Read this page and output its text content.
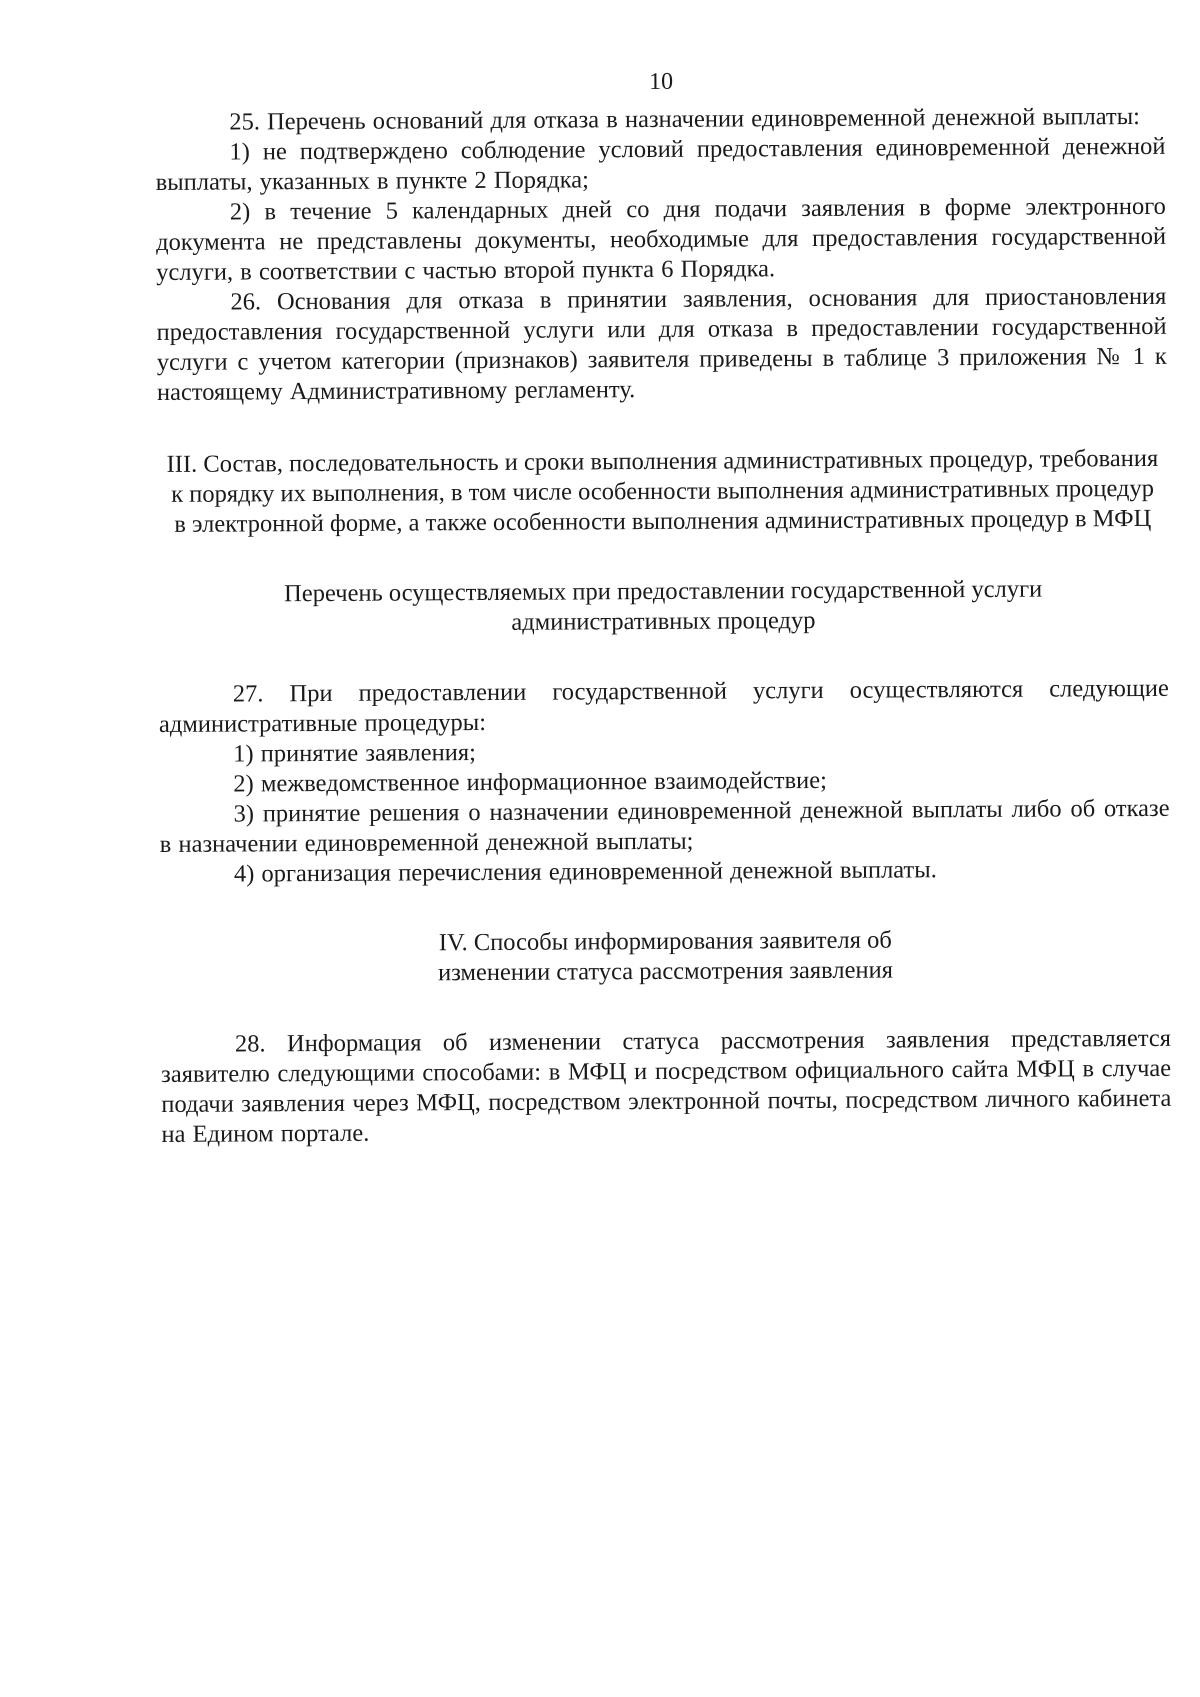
10

25. Перечень оснований для отказа в назначении единовременной денежной выплаты:

1) не подтверждено соблюдение условий предоставления единовременной денежной выплаты, указанных в пункте 2 Порядка;

2) в течение 5 календарных дней со дня подачи заявления в форме электронного документа не представлены документы, необходимые для предоставления государственной услуги, в соответствии с частью второй пункта 6 Порядка.

26. Основания для отказа в принятии заявления, основания для приостановления предоставления государственной услуги или для отказа в предоставлении государственной услуги с учетом категории (признаков) заявителя приведены в таблице 3 приложения № 1 к настоящему Административному регламенту.

III. Состав, последовательность и сроки выполнения административных процедур, требования к порядку их выполнения, в том числе особенности выполнения административных процедур в электронной форме, а также особенности выполнения административных процедур в МФЦ

Перечень осуществляемых при предоставлении государственной услуги административных процедур

27. При предоставлении государственной услуги осуществляются следующие административные процедуры:

1) принятие заявления;

2) межведомственное информационное взаимодействие;

3) принятие решения о назначении единовременной денежной выплаты либо об отказе в назначении единовременной денежной выплаты;

4) организация перечисления единовременной денежной выплаты.

IV. Способы информирования заявителя об изменении статуса рассмотрения заявления

28. Информация об изменении статуса рассмотрения заявления представляется заявителю следующими способами: в МФЦ и посредством официального сайта МФЦ в случае подачи заявления через МФЦ, посредством электронной почты, посредством личного кабинета на Едином портале.
